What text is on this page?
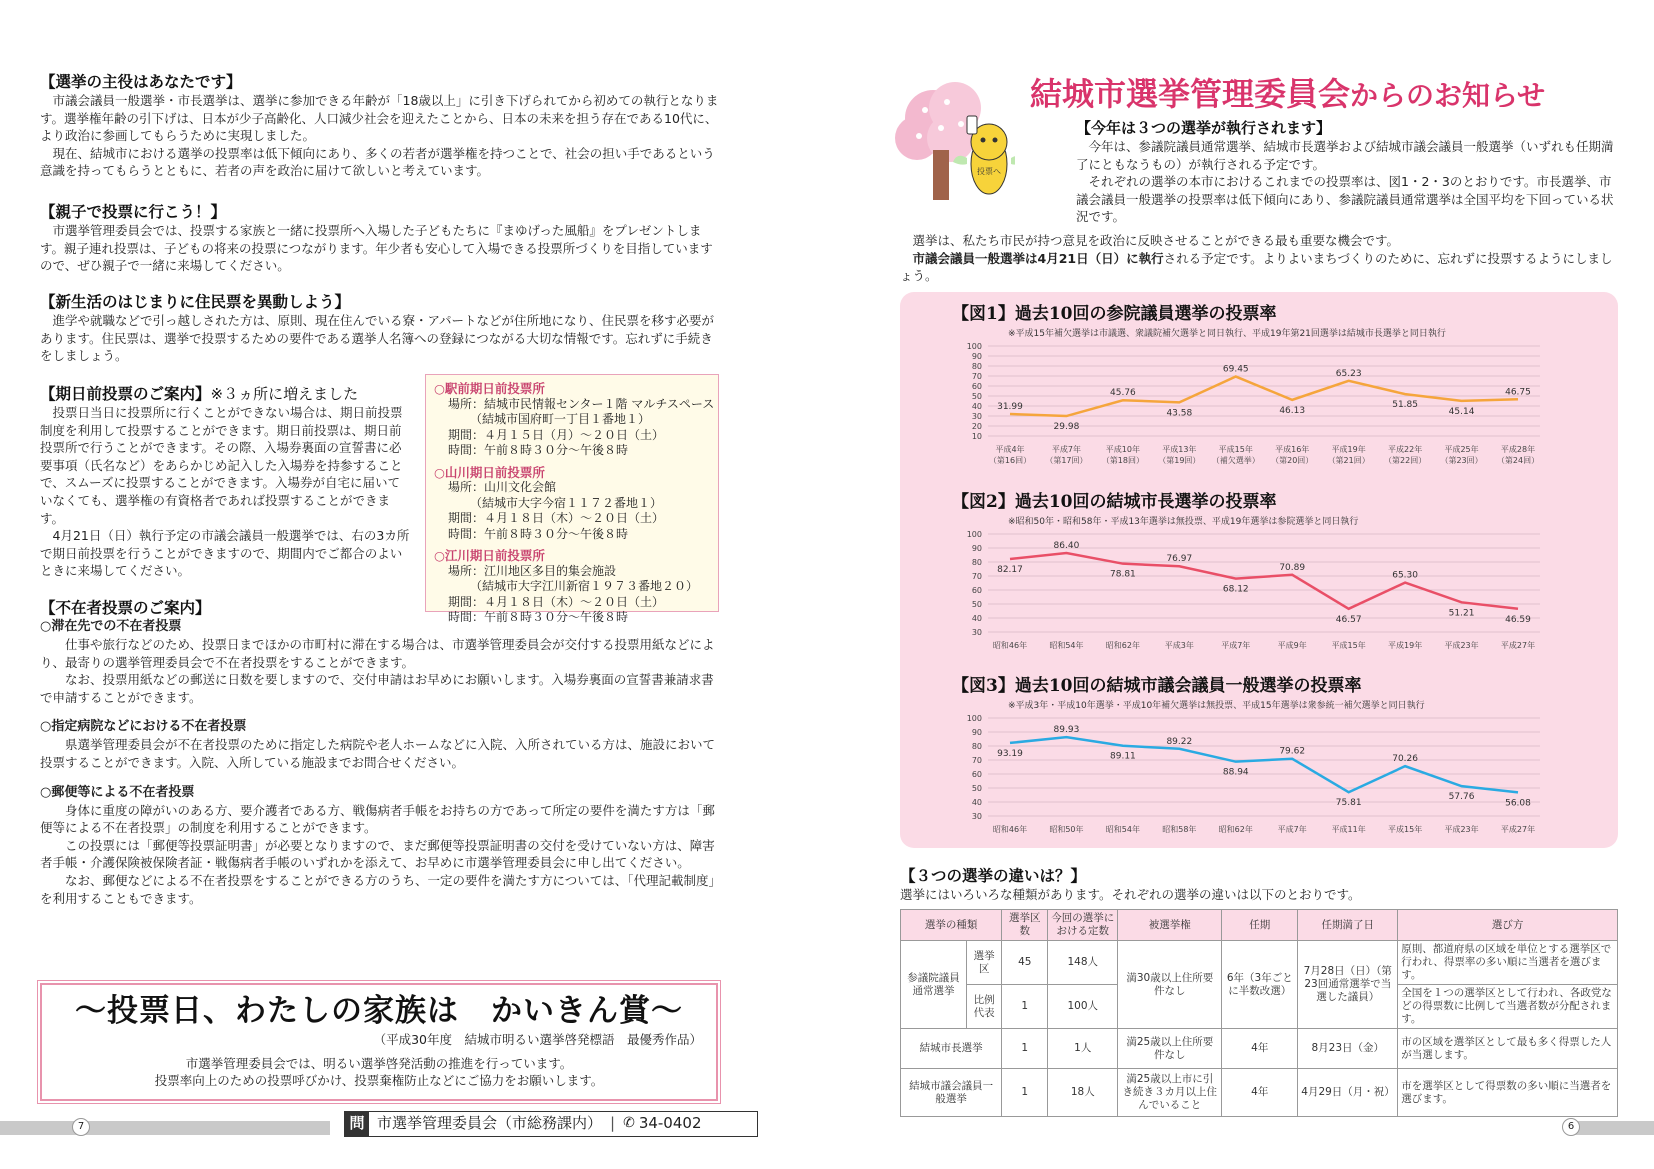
【選挙の主役はあなたです】

市議会議員一般選挙・市長選挙は、選挙に参加できる年齢が「18歳以上」に引き下げられてから初めての執行となります。選挙権年齢の引下げは、日本が少子高齢化、人口減少社会を迎えたことから、日本の未来を担う存在である10代に、より政治に参画してもらうために実現しました。

現在、結城市における選挙の投票率は低下傾向にあり、多くの若者が選挙権を持つことで、社会の担い手であるという意識を持ってもらうとともに、若者の声を政治に届けて欲しいと考えています。

【親子で投票に行こう！】

市選挙管理委員会では、投票する家族と一緒に投票所へ入場した子どもたちに『まゆげった風船』をプレゼントします。親子連れ投票は、子どもの将来の投票につながります。年少者も安心して入場できる投票所づくりを目指していますので、ぜひ親子で一緒に来場してください。

【新生活のはじまりに住民票を異動しよう】

進学や就職などで引っ越しされた方は、原則、現在住んでいる寮・アパートなどが住所地になり、住民票を移す必要があります。住民票は、選挙で投票するための要件である選挙人名簿への登録につながる大切な情報です。忘れずに手続きをしましょう。

【期日前投票のご案内】※３ヵ所に増えました

投票日当日に投票所に行くことができない場合は、期日前投票制度を利用して投票することができます。期日前投票は、期日前投票所で行うことができます。その際、入場券裏面の宣誓書に必要事項（氏名など）をあらかじめ記入した入場券を持参することで、スムーズに投票することができます。入場券が自宅に届いていなくても、選挙権の有資格者であれば投票することができます。

4月21日（日）執行予定の市議会議員一般選挙では、右の3カ所で期日前投票を行うことができますので、期間内でご都合のよいときに来場してください。

○駅前期日前投票所
場所：結城市民情報センター１階 マルチスペース
（結城市国府町一丁目１番地１）
期間：４月１５日（月）～２０日（土）
時間：午前８時３０分～午後８時
○山川期日前投票所
場所：山川文化会館
（結城市大字今宿１１７２番地１）
期間：４月１８日（木）～２０日（土）
時間：午前８時３０分～午後８時
○江川期日前投票所
場所：江川地区多目的集会施設
（結城市大字江川新宿１９７３番地２０）
期間：４月１８日（木）～２０日（土）
時間：午前８時３０分～午後８時
【不在者投票のご案内】
○滞在先での不在者投票

仕事や旅行などのため、投票日までほかの市町村に滞在する場合は、市選挙管理委員会が交付する投票用紙などにより、最寄りの選挙管理委員会で不在者投票をすることができます。

なお、投票用紙などの郵送に日数を要しますので、交付申請はお早めにお願いします。入場券裏面の宣誓書兼請求書で申請することができます。

○指定病院などにおける不在者投票

県選挙管理委員会が不在者投票のために指定した病院や老人ホームなどに入院、入所されている方は、施設において投票することができます。入院、入所している施設までお問合せください。

○郵便等による不在者投票

身体に重度の障がいのある方、要介護者である方、戦傷病者手帳をお持ちの方であって所定の要件を満たす方は「郵便等による不在者投票」の制度を利用することができます。

この投票には「郵便等投票証明書」が必要となりますので、まだ郵便等投票証明書の交付を受けていない方は、障害者手帳・介護保険被保険者証・戦傷病者手帳のいずれかを添えて、お早めに市選挙管理委員会に申し出てください。

なお、郵便などによる不在者投票をすることができる方のうち、一定の要件を満たす方については、「代理記載制度」を利用することもできます。

～投票日、わたしの家族は　かいきん賞～
（平成30年度　結城市明るい選挙啓発標語　最優秀作品）
市選挙管理委員会では、明るい選挙啓発活動の推進を行っています。
投票率向上のための投票呼びかけ、投票棄権防止などにご協力をお願いします。
7	問 市選挙管理委員会（市総務課内） | ✆ 34-0402
投票へ
結城市選挙管理委員会からのお知らせ
【今年は３つの選挙が執行されます】

今年は、参議院議員通常選挙、結城市長選挙および結城市議会議員一般選挙（いずれも任期満了にともなうもの）が執行される予定です。

それぞれの選挙の本市におけるこれまでの投票率は、図1・2・3のとおりです。市長選挙、市議会議員一般選挙の投票率は低下傾向にあり、参議院議員通常選挙は全国平均を下回っている状況です。

選挙は、私たち市民が持つ意見を政治に反映させることができる最も重要な機会です。

市議会議員一般選挙は4月21日（日）に執行される予定です。よりよいまちづくりのために、忘れずに投票するようにしましょう。

【図1】過去10回の参院議員選挙の投票率
※平成15年補欠選挙は市議選、衆議院補欠選挙と同日執行、平成19年第21回選挙は結城市長選挙と同日執行
100
90
80
70
60
50
40
30
20
10
31.99
29.98
45.76
43.58
69.45
46.13
65.23
51.85
45.14
46.75
平成4年	平成7年	平成10年	平成13年	平成15年	平成16年	平成19年	平成22年	平成25年	平成28年
（第16回） （第17回） （第18回） （第19回） （補欠選挙） （第20回） （第21回） （第22回） （第23回） （第24回）
【図2】過去10回の結城市長選挙の投票率
※昭和50年・昭和58年・平成13年選挙は無投票、平成19年選挙は参院選挙と同日執行
100
90
80
70
60
50
40
30
82.17
86.40
78.81
76.97
68.12
70.89
46.57
65.30
51.21
46.59
昭和46年	昭和54年	昭和62年	平成3年	平成7年	平成9年	平成15年	平成19年	平成23年	平成27年
【図3】過去10回の結城市議会議員一般選挙の投票率
※平成3年・平成10年選挙・平成10年補欠選挙は無投票、平成15年選挙は衆参統一補欠選挙と同日執行
100
90
80
70
60
50
40
30
93.19
89.93
89.11
89.22
88.94
79.62
75.81
70.26
57.76
56.08
昭和46年	昭和50年	昭和54年	昭和58年	昭和62年	平成7年	平成11年	平成15年	平成23年	平成27年
【３つの選挙の違いは？】
選挙にはいろいろな種類があります。それぞれの選挙の違いは以下のとおりです。
選挙の種類		選挙区数	今回の選挙における定数	被選挙権	任期	任期満了日	選び方
参議院議員通常選挙	選挙区	45	148人	満30歳以上住所要件なし	6年（3年ごとに半数改選）	7月28日（日）（第23回通常選挙で当選した議員）	原則、都道府県の区域を単位とする選挙区で行われ、得票率の多い順に当選者を選びます。
	比例代表	1	100人				全国を１つの選挙区として行われ、各政党などの得票数に比例して当選者数が分配されます。
結城市長選挙		1	1人	満25歳以上住所要件なし	4年	8月23日（金）	市の区域を選挙区として最も多く得票した人が当選します。
結城市議会議員一般選挙		1	18人	満25歳以上市に引き続き３カ月以上住んでいること	4年	4月29日（月・祝）	市を選挙区として得票数の多い順に当選者を選びます。
6
